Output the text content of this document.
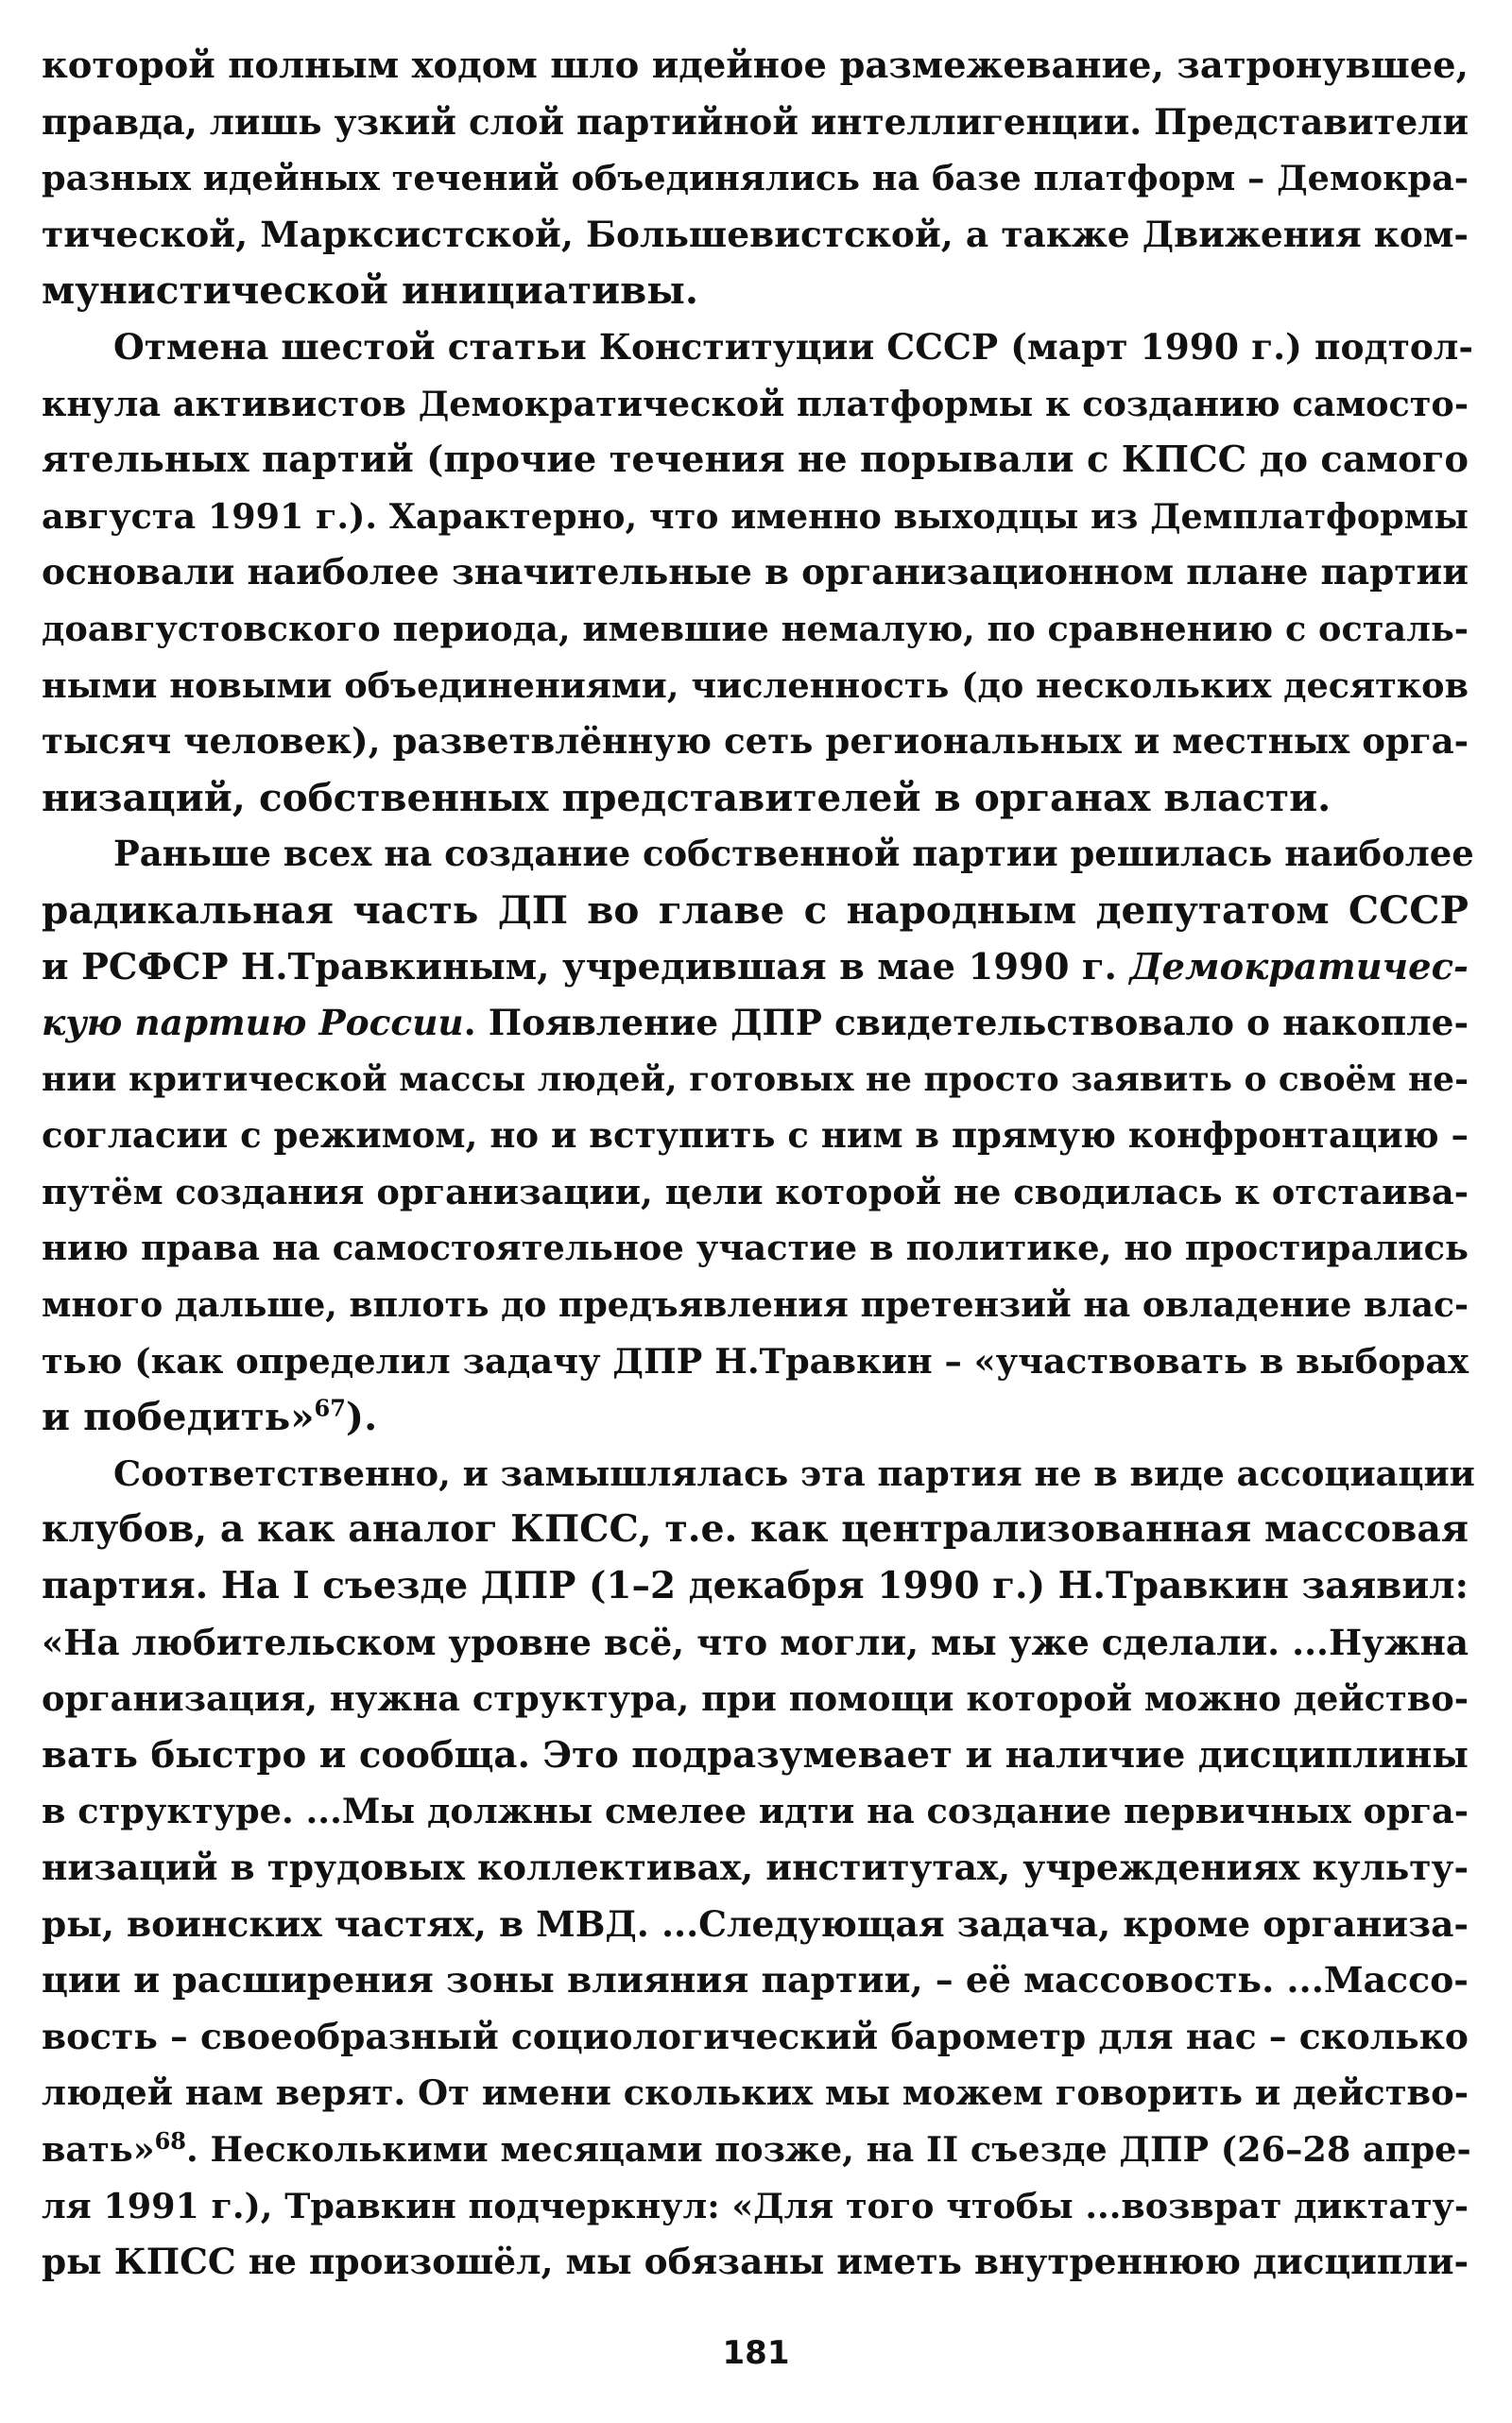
которой полным ходом шло идейное размежевание, затронувшее,
правда, лишь узкий слой партийной интеллигенции. Представители
разных идейных течений объединялись на базе платформ – Демокра-
тической, Марксистской, Большевистской, а также Движения ком-
мунистической инициативы.
Отмена шестой статьи Конституции СССР (март 1990 г.) подтол-
кнула активистов Демократической платформы к созданию самосто-
ятельных партий (прочие течения не порывали с КПСС до самого
августа 1991 г.). Характерно, что именно выходцы из Демплатформы
основали наиболее значительные в организационном плане партии
доавгустовского периода, имевшие немалую, по сравнению с осталь-
ными новыми объединениями, численность (до нескольких десятков
тысяч человек), разветвлённую сеть региональных и местных орга-
низаций, собственных представителей в органах власти.
Раньше всех на создание собственной партии решилась наиболее
радикальная часть ДП во главе с народным депутатом СССР
и РСФСР Н.Травкиным, учредившая в мае 1990 г. Демократичес-
кую партию России. Появление ДПР свидетельствовало о накопле-
нии критической массы людей, готовых не просто заявить о своём не-
согласии с режимом, но и вступить с ним в прямую конфронтацию –
путём создания организации, цели которой не сводилась к отстаива-
нию права на самостоятельное участие в политике, но простирались
много дальше, вплоть до предъявления претензий на овладение влас-
тью (как определил задачу ДПР Н.Травкин – «участвовать в выборах
и победить»$^{67}$).
Соответственно, и замышлялась эта партия не в виде ассоциации
клубов, а как аналог КПСС, т.е. как централизованная массовая
партия. На I съезде ДПР (1–2 декабря 1990 г.) Н.Травкин заявил:
«На любительском уровне всё, что могли, мы уже сделали. ...Нужна
организация, нужна структура, при помощи которой можно действо-
вать быстро и сообща. Это подразумевает и наличие дисциплины
в структуре. ...Мы должны смелее идти на создание первичных орга-
низаций в трудовых коллективах, институтах, учреждениях культу-
ры, воинских частях, в МВД. ...Следующая задача, кроме организа-
ции и расширения зоны влияния партии, – её массовость. ...Массо-
вость – своеобразный социологический барометр для нас – сколько
людей нам верят. От имени скольких мы можем говорить и действо-
вать»$^{68}$. Несколькими месяцами позже, на II съезде ДПР (26–28 апре-
ля 1991 г.), Травкин подчеркнул: «Для того чтобы ...возврат диктату-
ры КПСС не произошёл, мы обязаны иметь внутреннюю дисципли-
181
